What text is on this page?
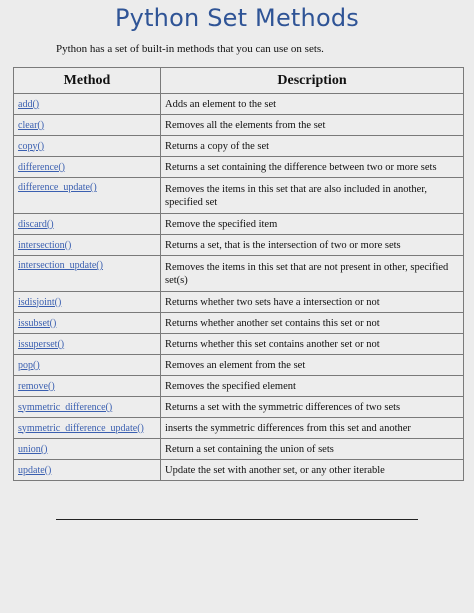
Python Set Methods
Python has a set of built-in methods that you can use on sets.
Method	Description
add()	Adds an element to the set
clear()	Removes all the elements from the set
copy()	Returns a copy of the set
difference()	Returns a set containing the difference between two or more sets
difference_update()	Removes the items in this set that are also included in another, specified set
discard()	Remove the specified item
intersection()	Returns a set, that is the intersection of two or more sets
intersection_update()	Removes the items in this set that are not present in other, specified set(s)
isdisjoint()	Returns whether two sets have a intersection or not
issubset()	Returns whether another set contains this set or not
issuperset()	Returns whether this set contains another set or not
pop()	Removes an element from the set
remove()	Removes the specified element
symmetric_difference()	Returns a set with the symmetric differences of two sets
symmetric_difference_update()	inserts the symmetric differences from this set and another
union()	Return a set containing the union of sets
update()	Update the set with another set, or any other iterable
